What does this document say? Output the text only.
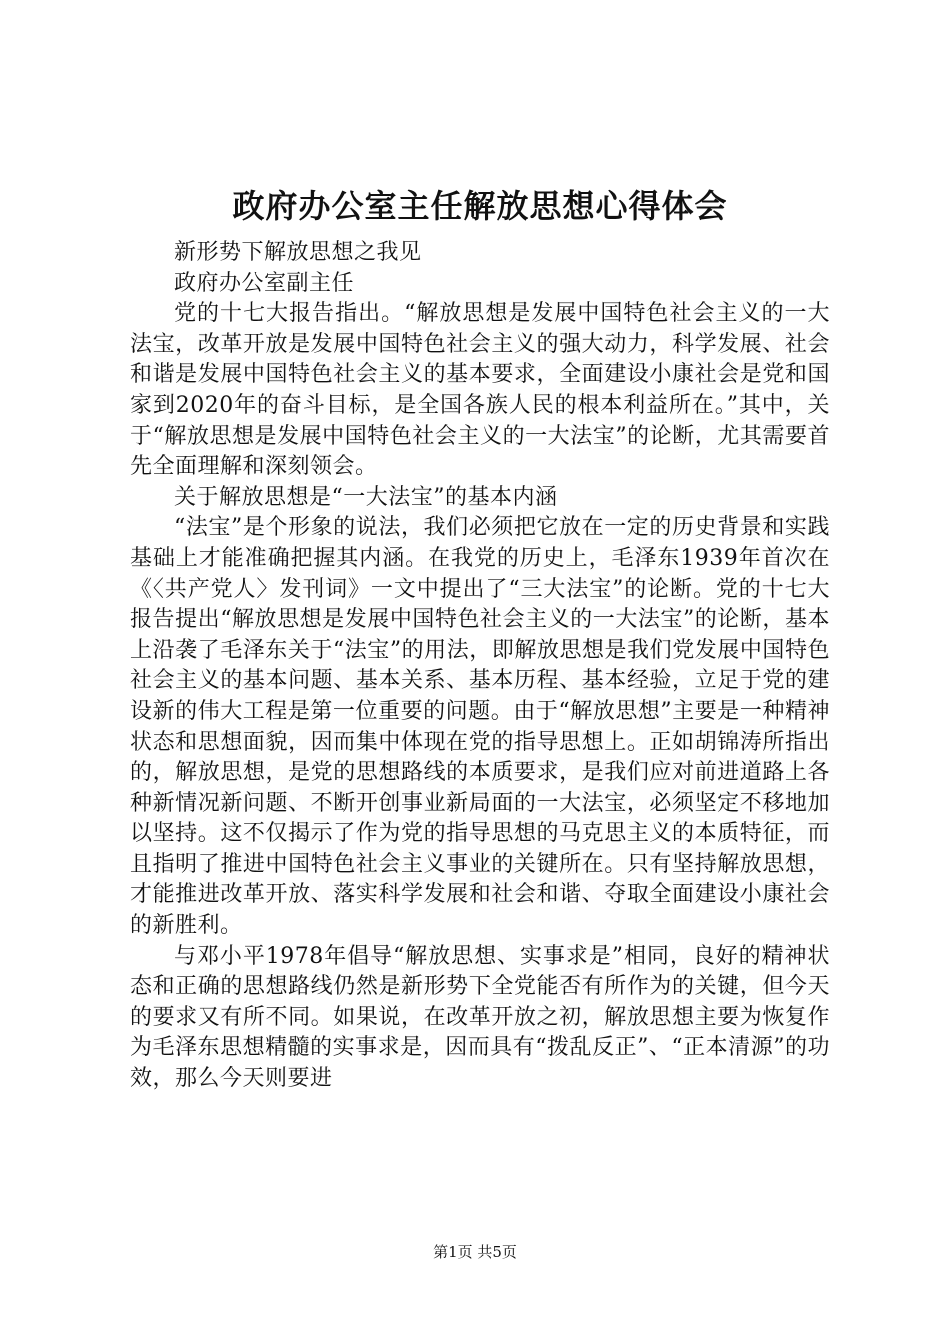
政府办公室主任解放思想心得体会

新形势下解放思想之我见

政府办公室副主任

党的十七大报告指出。“解放思想是发展中国特色社会主义的一大法宝，改革开放是发展中国特色社会主义的强大动力，科学发展、社会和谐是发展中国特色社会主义的基本要求，全面建设小康社会是党和国家到2020年的奋斗目标，是全国各族人民的根本利益所在。”其中，关于“解放思想是发展中国特色社会主义的一大法宝”的论断，尤其需要首先全面理解和深刻领会。

关于解放思想是“一大法宝”的基本内涵

“法宝”是个形象的说法，我们必须把它放在一定的历史背景和实践基础上才能准确把握其内涵。在我党的历史上，毛泽东1939年首次在《〈共产党人〉发刊词》一文中提出了“三大法宝”的论断。党的十七大报告提出“解放思想是发展中国特色社会主义的一大法宝”的论断，基本上沿袭了毛泽东关于“法宝”的用法，即解放思想是我们党发展中国特色社会主义的基本问题、基本关系、基本历程、基本经验，立足于党的建设新的伟大工程是第一位重要的问题。由于“解放思想”主要是一种精神状态和思想面貌，因而集中体现在党的指导思想上。正如胡锦涛所指出的，解放思想，是党的思想路线的本质要求，是我们应对前进道路上各种新情况新问题、不断开创事业新局面的一大法宝，必须坚定不移地加以坚持。这不仅揭示了作为党的指导思想的马克思主义的本质特征，而且指明了推进中国特色社会主义事业的关键所在。只有坚持解放思想，才能推进改革开放、落实科学发展和社会和谐、夺取全面建设小康社会的新胜利。

与邓小平1978年倡导“解放思想、实事求是”相同，良好的精神状态和正确的思想路线仍然是新形势下全党能否有所作为的关键，但今天的要求又有所不同。如果说，在改革开放之初，解放思想主要为恢复作为毛泽东思想精髓的实事求是，因而具有“拨乱反正”、“正本清源”的功效，那么今天则要进

第1页 共5页
